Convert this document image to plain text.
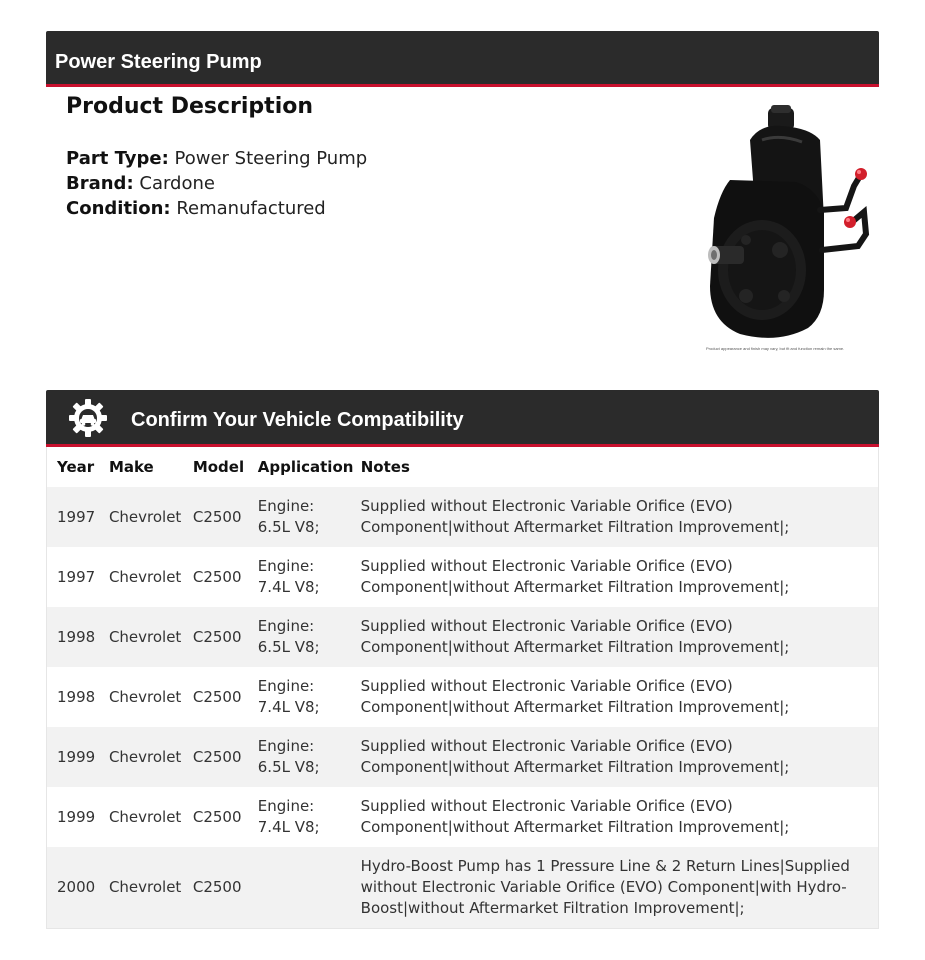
Power Steering Pump
Product Description
Part Type: Power Steering Pump
Brand: Cardone
Condition: Remanufactured
Product appearance and finish may vary, but fit and function remain the same.
Confirm Your Vehicle Compatibility
Year Make	Model Application Notes
1997 Chevrolet C2500
Engine: 6.5L V8;
Supplied without Electronic Variable Orifice (EVO) Component|without Aftermarket Filtration Improvement|;
1997 Chevrolet C2500
Engine: 7.4L V8;
Supplied without Electronic Variable Orifice (EVO) Component|without Aftermarket Filtration Improvement|;
1998 Chevrolet C2500
Engine: 6.5L V8;
Supplied without Electronic Variable Orifice (EVO) Component|without Aftermarket Filtration Improvement|;
1998 Chevrolet C2500
Engine: 7.4L V8;
Supplied without Electronic Variable Orifice (EVO) Component|without Aftermarket Filtration Improvement|;
1999 Chevrolet C2500
Engine: 6.5L V8;
Supplied without Electronic Variable Orifice (EVO) Component|without Aftermarket Filtration Improvement|;
1999 Chevrolet C2500
Engine: 7.4L V8;
Supplied without Electronic Variable Orifice (EVO) Component|without Aftermarket Filtration Improvement|;
2000 Chevrolet C2500
Hydro-Boost Pump has 1 Pressure Line & 2 Return Lines|Supplied without Electronic Variable Orifice (EVO) Component|with Hydro-Boost|without Aftermarket Filtration Improvement|;
